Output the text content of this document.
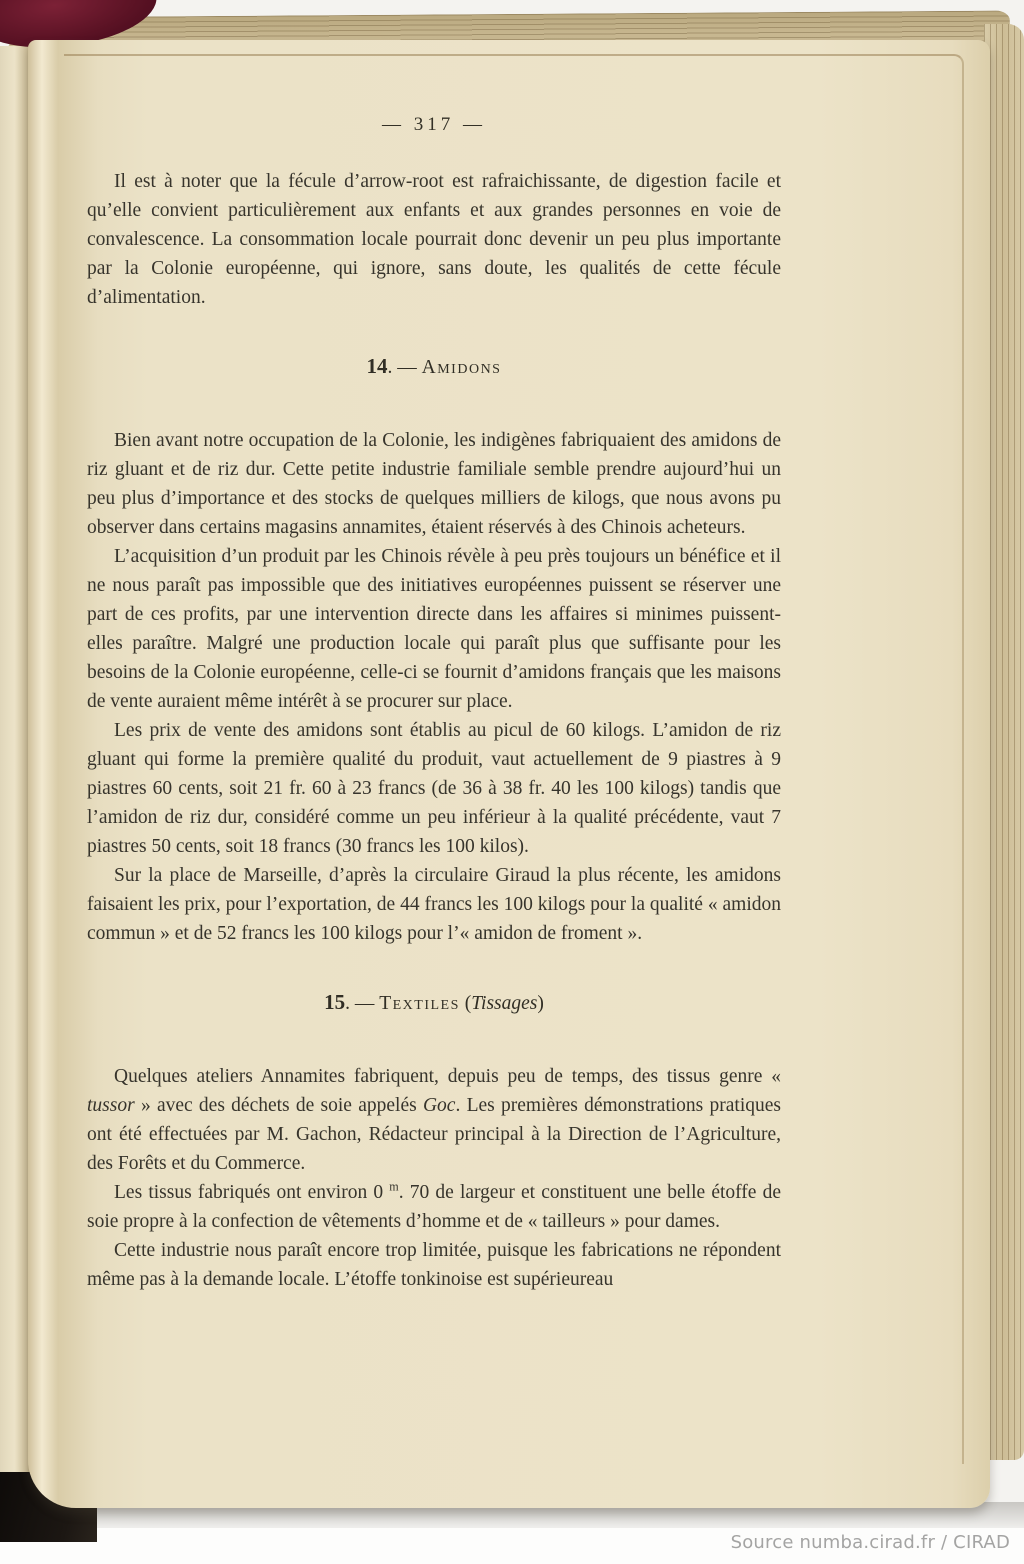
— 317 —

Il est à noter que la fécule d’arrow-root est rafraichissante, de digestion facile et qu’elle convient particulièrement aux enfants et aux grandes personnes en voie de convalescence. La consommation locale pourrait donc devenir un peu plus importante par la Colonie européenne, qui ignore, sans doute, les qualités de cette fécule d’alimentation.

14. — Amidons

Bien avant notre occupation de la Colonie, les indigènes fabriquaient des amidons de riz gluant et de riz dur. Cette petite industrie familiale semble prendre aujourd’hui un peu plus d’importance et des stocks de quelques milliers de kilogs, que nous avons pu observer dans certains magasins annamites, étaient réservés à des Chinois acheteurs.

L’acquisition d’un produit par les Chinois révèle à peu près toujours un bénéfice et il ne nous paraît pas impossible que des initiatives européennes puissent se réserver une part de ces profits, par une intervention directe dans les affaires si minimes puissent-elles paraître. Malgré une production locale qui paraît plus que suffisante pour les besoins de la Colonie européenne, celle-ci se fournit d’amidons français que les maisons de vente auraient même intérêt à se procurer sur place.

Les prix de vente des amidons sont établis au picul de 60 kilogs. L’amidon de riz gluant qui forme la première qualité du produit, vaut actuellement de 9 piastres à 9 piastres 60 cents, soit 21 fr. 60 à 23 francs (de 36 à 38 fr. 40 les 100 kilogs) tandis que l’amidon de riz dur, considéré comme un peu inférieur à la qualité précédente, vaut 7 piastres 50 cents, soit 18 francs (30 francs les 100 kilos).

Sur la place de Marseille, d’après la circulaire Giraud la plus récente, les amidons faisaient les prix, pour l’exportation, de 44 francs les 100 kilogs pour la qualité « amidon commun » et de 52 francs les 100 kilogs pour l’« amidon de froment ».

15. — Textiles (Tissages)

Quelques ateliers Annamites fabriquent, depuis peu de temps, des tissus genre « tussor » avec des déchets de soie appelés Goc. Les premières démonstrations pratiques ont été effectuées par M. Gachon, Rédacteur principal à la Direction de l’Agriculture, des Forêts et du Commerce.

Les tissus fabriqués ont environ 0 $^m$. 70 de largeur et constituent une belle étoffe de soie propre à la confection de vêtements d’homme et de « tailleurs » pour dames.

Cette industrie nous paraît encore trop limitée, puisque les fabrications ne répondent même pas à la demande locale. L’étoffe tonkinoise est supérieureau

Source numba.cirad.fr / CIRAD
